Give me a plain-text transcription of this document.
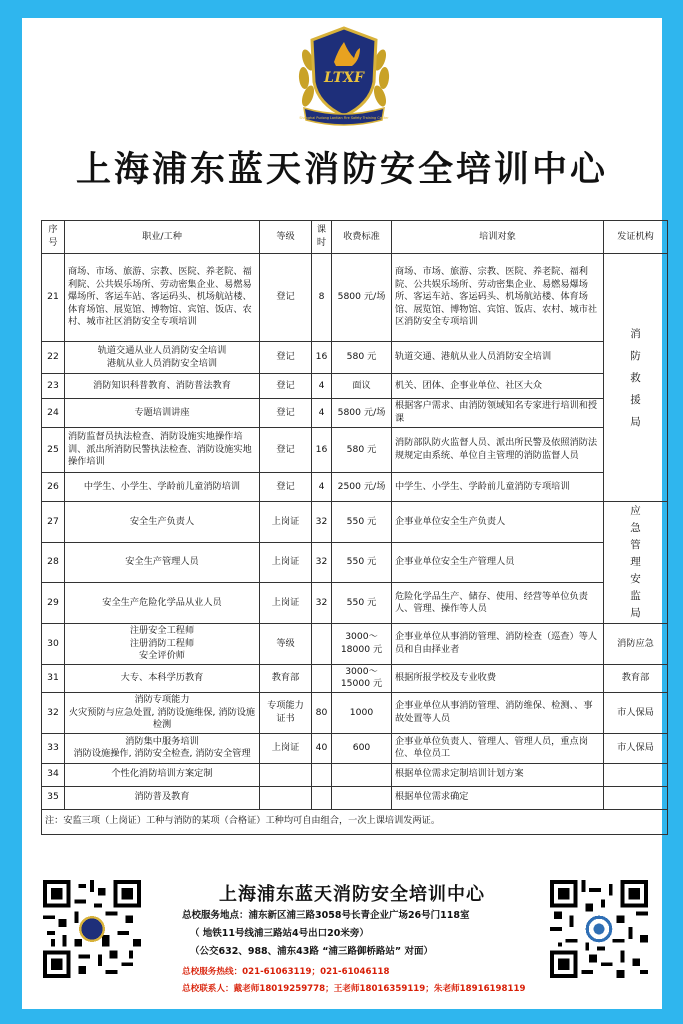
LTXF
Shanghai Pudong Lantian Fire Safety Training Center
上海浦东蓝天消防安全培训中心
序号	职业/工种	等级	课时	收费标准	培训对象	发证机构
21	商场、市场、旅游、宗教、医院、养老院、福利院、公共娱乐场所、劳动密集企业、易燃易爆场所、客运车站、客运码头、机场航站楼、体育场馆、展览馆、博物馆、宾馆、饭店、农村、城市社区消防安全专项培训	登记	8	5800 元/场	商场、市场、旅游、宗教、医院、养老院、福利院、公共娱乐场所、劳动密集企业、易燃易爆场所、客运车站、客运码头、机场航站楼、体育场馆、展览馆、博物馆、宾馆、饭店、农村、城市社区消防安全专项培训	消防救援局

22	轨道交通从业人员消防安全培训
港航从业人员消防安全培训	登记	16	580 元	轨道交通、港航从业人员消防安全培训	
23	消防知识科普教育、消防普法教育	登记	4	面议	机关、团体、企事业单位、社区大众	
24	专题培训讲座	登记	4	5800 元/场	根据客户需求、由消防领域知名专家进行培训和授课	
25	消防监督员执法检查、消防设施实地操作培训、派出所消防民警执法检查、消防设施实地操作培训	登记	16	580 元	消防部队防火监督人员、派出所民警及依照消防法规规定由系统、单位自主管理的消防监督人员	
26	中学生、小学生、学龄前儿童消防培训	登记	4	2500 元/场	中学生、小学生、学龄前儿童消防专项培训	
27	安全生产负责人	上岗证	32	550 元	企事业单位安全生产负责人	应急管理安监局

28	安全生产管理人员	上岗证	32	550 元	企事业单位安全生产管理人员	
29	安全生产危险化学品从业人员	上岗证	32	550 元	危险化学品生产、储存、使用、经营等单位负责人、管理、操作等人员	
30	注册安全工程师
注册消防工程师
安全评价师	等级		3000～
18000 元	企事业单位从事消防管理、消防检查（巡查）等人员和自由择业者	消防应急
31	大专、本科学历教育	教育部		3000～
15000 元	根据所报学校及专业收费	教育部
32	消防专项能力
火灾预防与应急处置, 消防设施维保, 消防设施检测	专项能力证书	80	1000	企事业单位从事消防管理、消防维保、检测、、事故处置等人员	市人保局
33	消防集中服务培训
消防设施操作, 消防安全检查, 消防安全管理	上岗证	40	600	企事业单位负责人、管理人、管理人员，重点岗位、单位员工	市人保局
34	个性化消防培训方案定制				根据单位需求定制培训计划方案	
35	消防普及教育				根据单位需求确定	
注：安监三项（上岗证）工种与消防的某项（合格证）工种均可自由组合，一次上课培训发两证。						
上海浦东蓝天消防安全培训中心
总校服务地点：浦东新区浦三路3058号长青企业广场26号门118室
（ 地铁11号线浦三路站4号出口20米旁）
（公交632、988、浦东43路 “浦三路御桥路站” 对面）
总校服务热线：021-61063119；021-61046118
总校联系人：戴老师18019259778；王老师18016359119；朱老师18916198119
